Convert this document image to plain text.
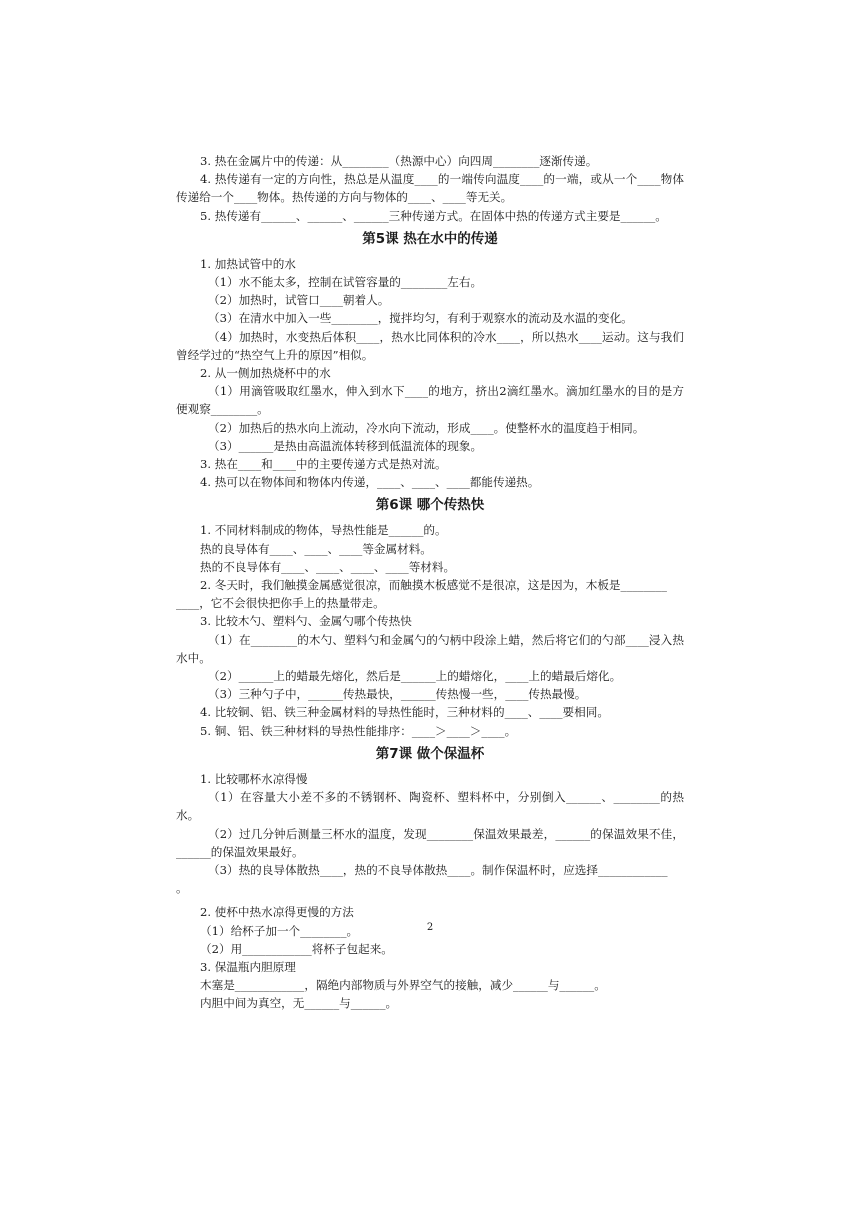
3. 热在金属片中的传递：从________（热源中心）向四周________逐渐传递。

4. 热传递有一定的方向性，热总是从温度____的一端传向温度____的一端，或从一个____物体传递给一个____物体。热传递的方向与物体的____、____等无关。

5. 热传递有______、______、______三种传递方式。在固体中热的传递方式主要是______。

第5课 热在水中的传递

1. 加热试管中的水

（1）水不能太多，控制在试管容量的________左右。

（2）加热时，试管口____朝着人。

（3）在清水中加入一些________，搅拌均匀，有利于观察水的流动及水温的变化。

（4）加热时，水变热后体积____，热水比同体积的冷水____，所以热水____运动。这与我们曾经学过的“热空气上升的原因”相似。

2. 从一侧加热烧杯中的水

（1）用滴管吸取红墨水，伸入到水下____的地方，挤出2滴红墨水。滴加红墨水的目的是方便观察________。

（2）加热后的热水向上流动，冷水向下流动，形成____。使整杯水的温度趋于相同。

（3）______是热由高温流体转移到低温流体的现象。

3. 热在____和____中的主要传递方式是热对流。

4. 热可以在物体间和物体内传递，____、____、____都能传递热。

第6课 哪个传热快

1. 不同材料制成的物体，导热性能是______的。

热的良导体有____、____、____等金属材料。

热的不良导体有____、____、____、____等材料。

2. 冬天时，我们触摸金属感觉很凉，而触摸木板感觉不是很凉，这是因为，木板是________

____，它不会很快把你手上的热量带走。

3. 比较木勺、塑料勺、金属勺哪个传热快

（1）在________的木勺、塑料勺和金属勺的勺柄中段涂上蜡，然后将它们的勺部____浸入热水中。

（2）______上的蜡最先熔化，然后是______上的蜡熔化，____上的蜡最后熔化。

（3）三种勺子中，______传热最快，______传热慢一些，____传热最慢。

4. 比较铜、铝、铁三种金属材料的导热性能时，三种材料的____、____要相同。

5. 铜、铝、铁三种材料的导热性能排序：____＞____＞____。

第7课 做个保温杯

1. 比较哪杯水凉得慢

（1）在容量大小差不多的不锈钢杯、陶瓷杯、塑料杯中，分别倒入______、________的热水。

（2）过几分钟后测量三杯水的温度，发现________保温效果最差，______的保温效果不佳，______的保温效果最好。

（3）热的良导体散热____，热的不良导体散热____。制作保温杯时，应选择____________

。

2. 使杯中热水凉得更慢的方法

（1）给杯子加一个________。

（2）用____________将杯子包起来。

3. 保温瓶内胆原理

木塞是____________，隔绝内部物质与外界空气的接触，减少______与______。

内胆中间为真空，无______与______。

2
